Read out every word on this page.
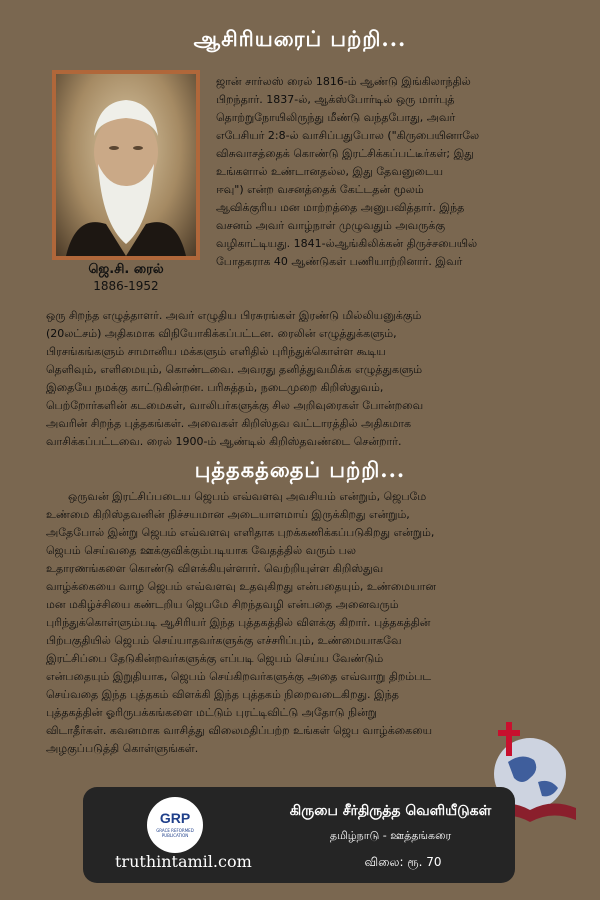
ஆசிரியரைப் பற்றி...
ஜெ.சி. ரைல்
1886-1952
ஜான் சார்லஸ் ரைல் 1816-ம் ஆண்டு இங்கிலாந்தில்
பிறந்தார். 1837-ல், ஆக்ஸ்போர்டில் ஒரு மார்புத்
தொற்றுநோயிலிருந்து மீண்டு வந்தபோது, அவர்
எபேசியர் 2:8-ல் வாசிப்பதுபோல ("கிருபையினாலே
விசுவாசத்தைக் கொண்டு இரட்சிக்கப்பட்டீர்கள்; இது
உங்களால் உண்டானதல்ல, இது தேவனுடைய
ஈவு") என்ற வசனத்தைக் கேட்டதன் மூலம்
ஆவிக்குரிய மன மாற்றத்தை அனுபவித்தார். இந்த
வசனம் அவர் வாழ்நாள் முழுவதும் அவருக்கு
வழிகாட்டியது. 1841-ல்ஆங்கிலிக்கன் திருச்சபையில்
போதகராக 40 ஆண்டுகள் பணியாற்றினார். இவர்
ஒரு சிறந்த எழுத்தாளர். அவர் எழுதிய பிரசுரங்கள் இரண்டு மில்லியனுக்கும்
(20லட்சம்) அதிகமாக விநியோகிக்கப்பட்டன. ரைலின் எழுத்துக்களும்,
பிரசங்கங்களும் சாமானிய மக்களும் எளிதில் புரிந்துக்கொள்ள கூடிய
தெளிவும், எளிமையும், கொண்டவை. அவரது தனித்துவமிக்க எழுத்துகளும்
இதையே நமக்கு காட்டுகின்றன. பரிசுத்தம், நடைமுறை கிறிஸ்துவம்,
பெற்றோர்களின் கடமைகள், வாலிபர்களுக்கு சில அறிவுரைகள் போன்றவை
அவரின் சிறந்த புத்தகங்கள். அவைகள் கிறிஸ்தவ வட்டாரத்தில் அதிகமாக
வாசிக்கப்பட்டவை. ரைல் 1900-ம் ஆண்டில் கிறிஸ்தவண்டை சென்றார்.
புத்தகத்தைப் பற்றி...
ஒருவன் இரட்சிப்படைய ஜெபம் எவ்வளவு அவசியம் என்றும், ஜெபமே
உண்மை கிறிஸ்தவனின் நிச்சயமான அடையாளமாய் இருக்கிறது என்றும்,
அதேபோல் இன்று ஜெபம் எவ்வளவு எளிதாக புறக்கணிக்கப்படுகிறது என்றும்,
ஜெபம் செய்வதை ஊக்குவிக்கும்படியாக வேதத்தில் வரும் பல
உதாரணங்களை கொண்டு விளக்கியுள்ளார். வெற்றியுள்ள கிறிஸ்துவ
வாழ்க்கையை வாழ ஜெபம் எவ்வளவு உதவுகிறது என்பதையும், உண்மையான
மன மகிழ்ச்சியை கண்டறிய ஜெபமே சிறந்தவழி என்பதை அனைவரும்
புரிந்துக்கொள்ளும்படி ஆசிரியர் இந்த புத்தகத்தில் விளக்கு கிறார். புத்தகத்தின்
பிற்பகுதியில் ஜெபம் செய்யாதவர்களுக்கு எச்சரிப்பும், உண்மையாகவே
இரட்சிப்பை தேடுகின்றவர்களுக்கு எப்படி ஜெபம் செய்ய வேண்டும்
என்பதையும் இறுதியாக, ஜெபம் செய்கிறவர்களுக்கு அதை எவ்வாறு திறம்பட
செய்வதை இந்த புத்தகம் விளக்கி இந்த புத்தகம் நிறைவடைகிறது. இந்த
புத்தகத்தின் ஓரிருபக்கங்களை மட்டும் புரட்டிவிட்டு அதோடு நின்று
விடாதீர்கள். கவனமாக வாசித்து விலைமதிப்பற்ற உங்கள் ஜெப வாழ்க்கையை
அழகுப்படுத்தி கொள்ளுங்கள்.
GRP
GRACE REFORMED PUBLICATION
truthintamil.com
கிருபை சீர்திருத்த வெளியீடுகள்
தமிழ்நாடு - ஊத்தங்கரை
விலை: ரூ. 70
